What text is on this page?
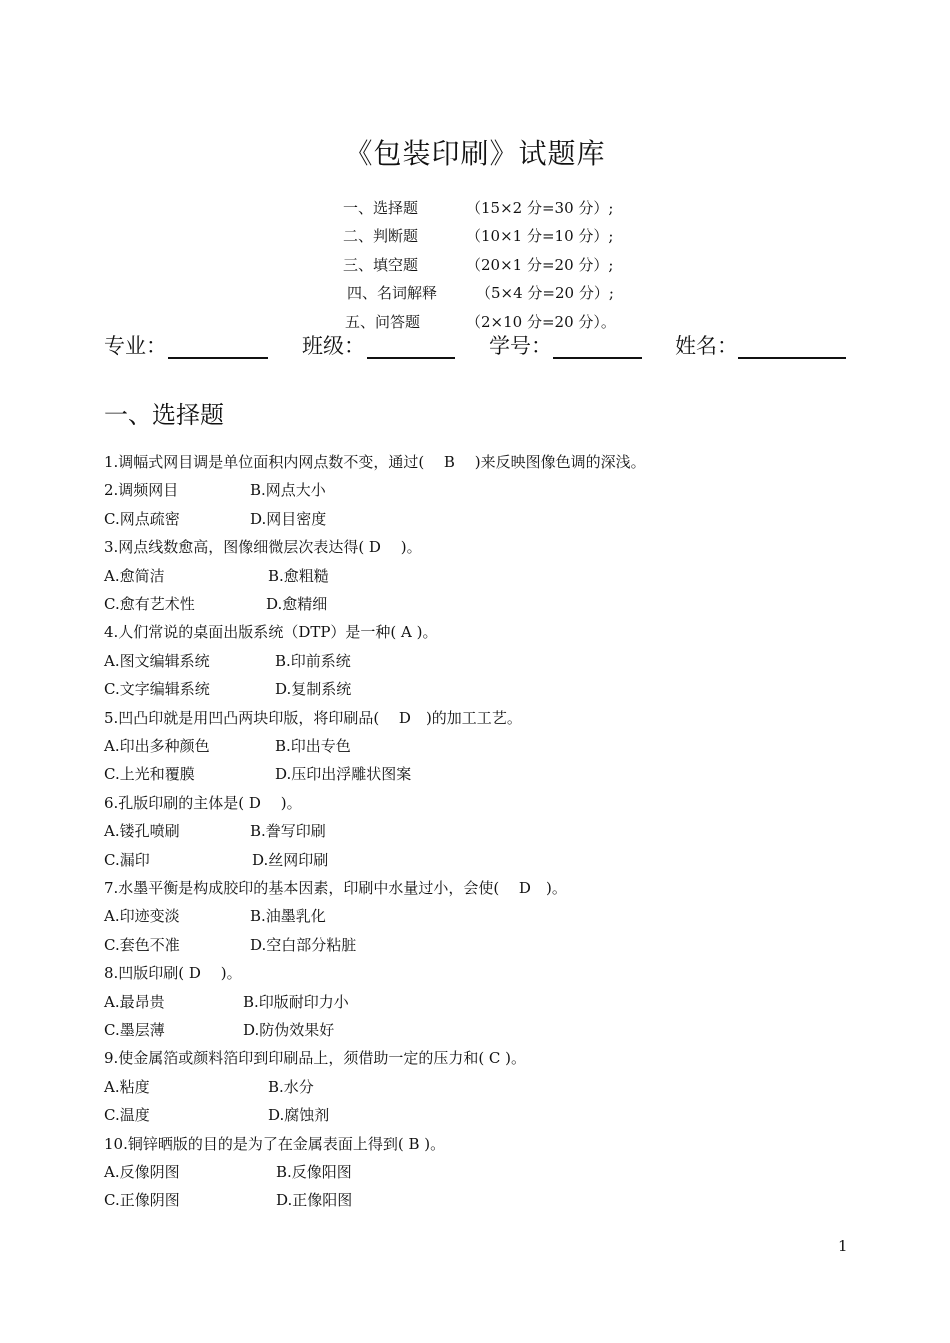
《包装印刷》试题库
一、选择题	（15×2 分=30 分）;
二、判断题	（10×1 分=10 分）;
三、填空题	（20×1 分=20 分）;
四、名词解释	（5×4 分=20 分）;
五、问答题	（2×10 分=20 分）。
专业：	班级：	学号：	姓名：
一、选择题
1.调幅式网目调是单位面积内网点数不变，通过(　 B　 )来反映图像色调的深浅。
2.调频网目	B.网点大小
C.网点疏密	D.网目密度
3.网点线数愈高，图像细微层次表达得( D　 )。
A.愈简洁	B.愈粗糙
C.愈有艺术性	D.愈精细
4.人们常说的桌面出版系统（DTP）是一种( A )。
A.图文编辑系统	B.印前系统
C.文字编辑系统	D.复制系统
5.凹凸印就是用凹凸两块印版，将印刷品(　 D　)的加工工艺。
A.印出多种颜色	B.印出专色
C.上光和覆膜	D.压印出浮雕状图案
6.孔版印刷的主体是( D　 )。
A.镂孔喷刷	B.誊写印刷
C.漏印	D.丝网印刷
7.水墨平衡是构成胶印的基本因素，印刷中水量过小，会使(　 D　)。
A.印迹变淡	B.油墨乳化
C.套色不准	D.空白部分粘脏
8.凹版印刷( D　 )。
A.最昂贵	B.印版耐印力小
C.墨层薄	D.防伪效果好
9.使金属箔或颜料箔印到印刷品上，须借助一定的压力和( C )。
A.粘度	B.水分
C.温度	D.腐蚀剂
10.铜锌晒版的目的是为了在金属表面上得到( B )。
A.反像阴图	B.反像阳图
C.正像阴图	D.正像阳图
1
